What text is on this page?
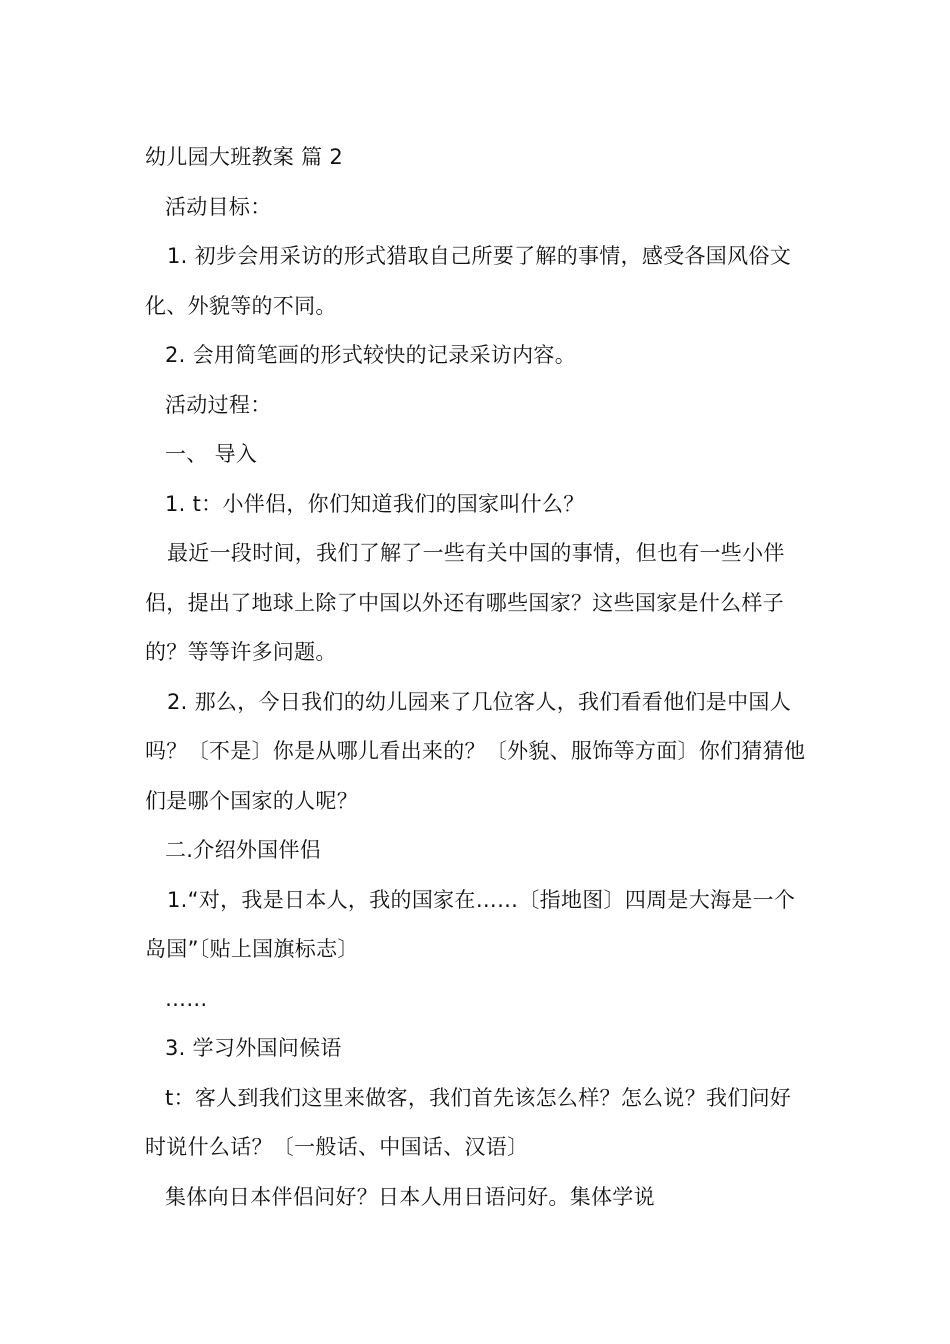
幼儿园大班教案 篇 2

活动目标：

1. 初步会用采访的形式猎取自己所要了解的事情，感受各国风俗文化、外貌等的不同。

2. 会用简笔画的形式较快的记录采访内容。

活动过程：

一、 导入

1. t：小伴侣，你们知道我们的国家叫什么？

最近一段时间，我们了解了一些有关中国的事情，但也有一些小伴侣，提出了地球上除了中国以外还有哪些国家？这些国家是什么样子的？等等许多问题。

2. 那么，今日我们的幼儿园来了几位客人，我们看看他们是中国人吗？〔不是〕你是从哪儿看出来的？〔外貌、服饰等方面〕你们猜猜他们是哪个国家的人呢？

二.介绍外国伴侣

1.“对，我是日本人，我的国家在……〔指地图〕四周是大海是一个岛国”〔贴上国旗标志〕

……

3. 学习外国问候语

t：客人到我们这里来做客，我们首先该怎么样？怎么说？我们问好时说什么话？〔一般话、中国话、汉语〕

集体向日本伴侣问好？日本人用日语问好。集体学说
